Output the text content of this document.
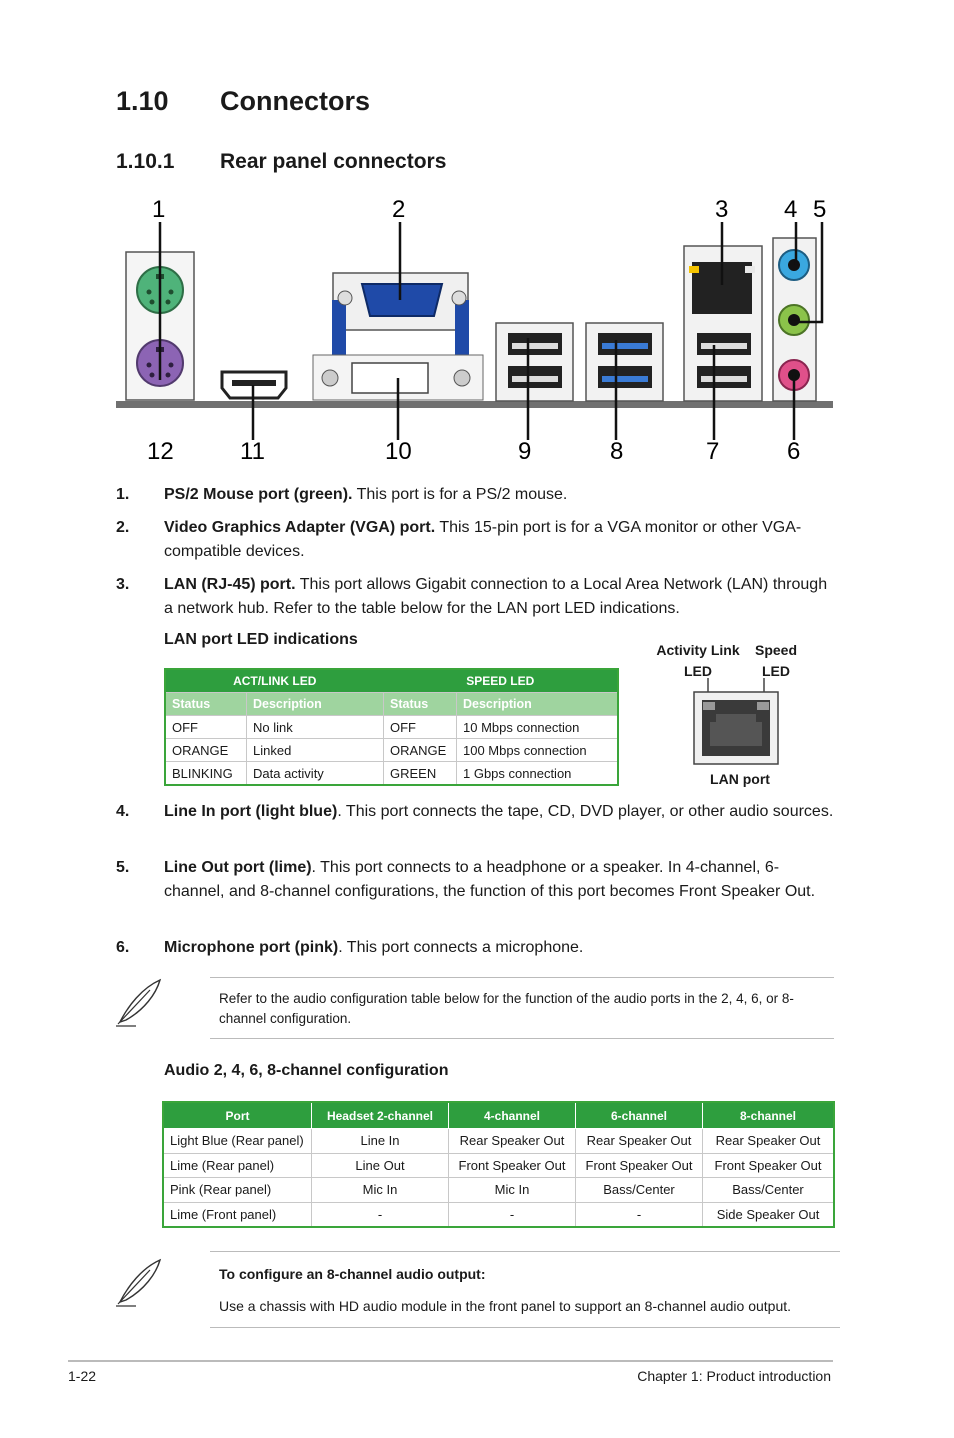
1.10 Connectors
1.10.1 Rear panel connectors
1	2	3 4 5
12	11	10	9	8	7	6
1. PS/2 Mouse port (green). This port is for a PS/2 mouse.
2. Video Graphics Adapter (VGA) port. This 15-pin port is for a VGA monitor or other VGA-compatible devices.
3. LAN (RJ-45) port. This port allows Gigabit connection to a Local Area Network (LAN) through a network hub. Refer to the table below for the LAN port LED indications.
LAN port LED indications
ACT/LINK LED		SPEED LED	
Status	Description	Status	Description
OFF	No link	OFF	10 Mbps connection
ORANGE	Linked	ORANGE	100 Mbps connection
BLINKING	Data activity	GREEN	1 Gbps connection
Activity Link LED
Speed LED
LAN port
4. Line In port (light blue). This port connects the tape, CD, DVD player, or other audio sources.
5. Line Out port (lime). This port connects to a headphone or a speaker. In 4-channel, 6-channel, and 8-channel configurations, the function of this port becomes Front Speaker Out.
6. Microphone port (pink). This port connects a microphone.
Refer to the audio configuration table below for the function of the audio ports in the 2, 4, 6, or 8-channel configuration.
Audio 2, 4, 6, 8-channel configuration
Port	Headset 2-channel	4-channel	6-channel	8-channel
Light Blue (Rear panel)	Line In	Rear Speaker Out	Rear Speaker Out	Rear Speaker Out
Lime (Rear panel)	Line Out	Front Speaker Out	Front Speaker Out	Front Speaker Out
Pink (Rear panel)	Mic In	Mic In	Bass/Center	Bass/Center
Lime (Front panel)	-	-	-	Side Speaker Out
To configure an 8-channel audio output:
Use a chassis with HD audio module in the front panel to support an 8-channel audio output.
1-22	Chapter 1: Product introduction
